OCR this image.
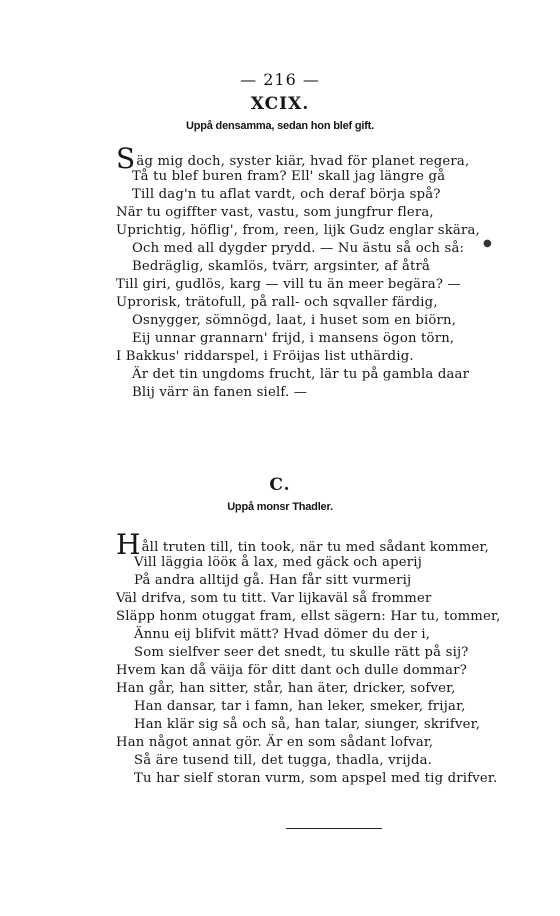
— 216 —
XCIX.
Uppå densamma, sedan hon blef gift.
Säg mig doch, syster kiär, hvad för planet regera,
Tå tu blef buren fram? Ell' skall jag längre gå
Till dag'n tu aflat vardt, och deraf börja spå?
När tu ogiffter vast, vastu, som jungfrur flera,
Uprichtig, höflig', from, reen, lijk Gudz englar skära,
Och med all dygder prydd. — Nu ästu så och så:
Bedräglig, skamlös, tvärr, argsinter, af åtrå
Till giri, gudlös, karg — vill tu än meer begära? —
Uprorisk, trätofull, på rall- och sqvaller färdig,
Osnygger, sömnögd, laat, i huset som en biörn,
Eij unnar grannarn' frijd, i mansens ögon törn,
I Bakkus' riddarspel, i Fröijas list uthärdig.
Är det tin ungdoms frucht, lär tu på gambla daar
Blij värr än fanen sielf. —
●
C.
Uppå monsr Thadler.
Håll truten till, tin took, när tu med sådant kommer,
Vill läggia lööк å lax, med gäck och aperij
På andra alltijd gå. Han får sitt vurmerij
Väl drifva, som tu titt. Var lijkaväl så frommer
Släpp honm otuggat fram, ellst sägern: Har tu, tommer,
Ännu eij blifvit mätt? Hvad dömer du der i,
Som sielfver seer det snedt, tu skulle rätt på sij?
Hvem kan då väija för ditt dant och dulle dommar?
Han går, han sitter, står, han äter, dricker, sofver,
Han dansar, tar i famn, han leker, smeker, frijar,
Han klär sig så och så, han talar, siunger, skrifver,
Han något annat gör. Är en som sådant lofvar,
Så äre tusend till, det tugga, thadla, vrijda.
Tu har sielf storan vurm, som apspel med tig drifver.
